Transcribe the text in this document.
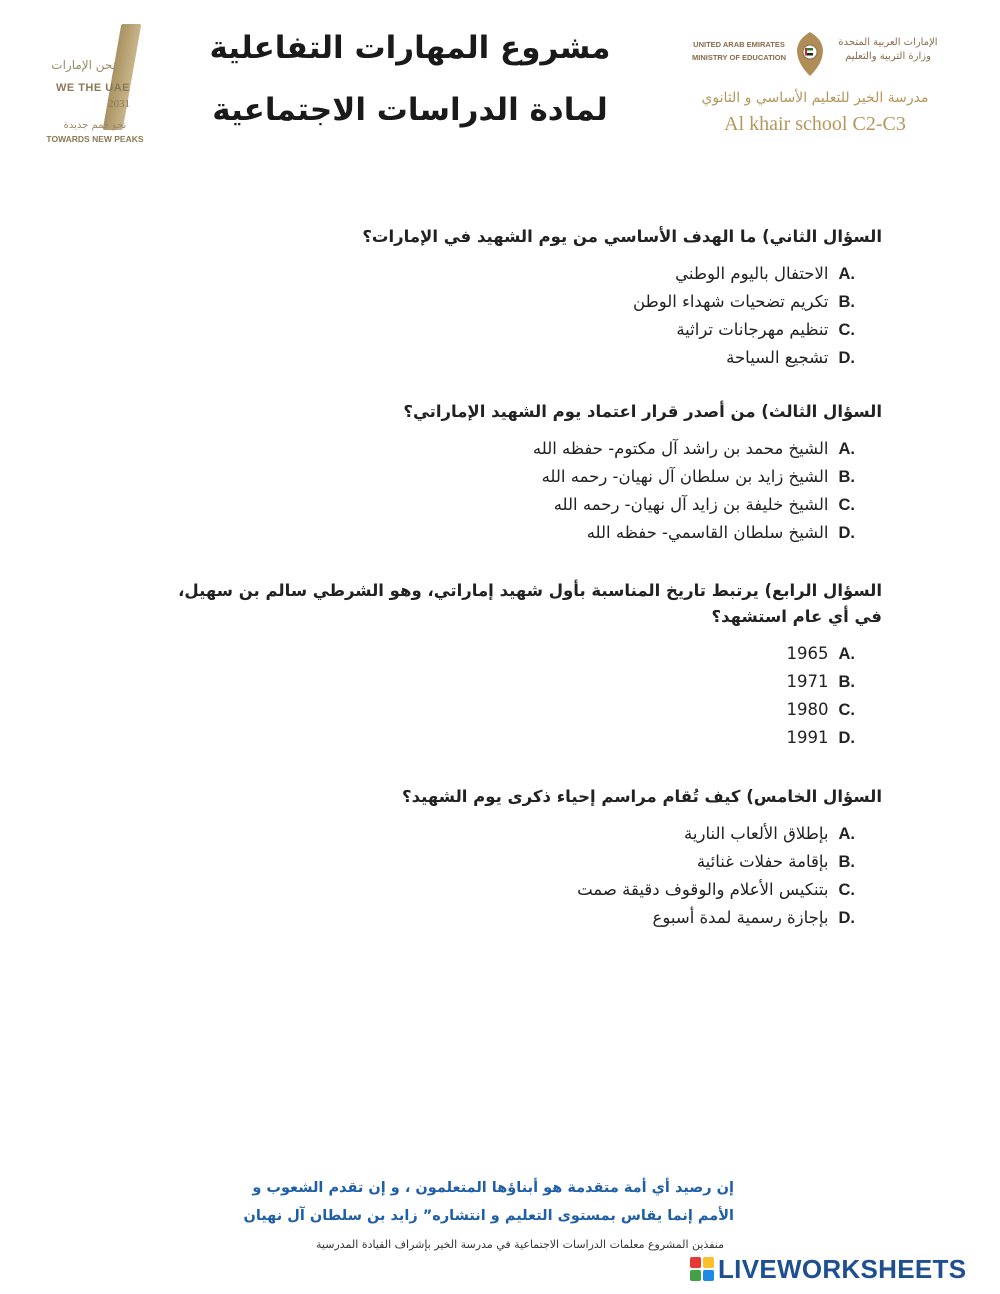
نحن الإمارات
WE THE UAE
2031
نحو قمم جديدة
TOWARDS NEW PEAKS
مشروع المهارات التفاعلية
لمادة الدراسات الاجتماعية
UNITED ARAB EMIRATES
MINISTRY OF EDUCATION
الإمارات العربية المتحدة
وزارة التربية والتعليم
مدرسة الخير للتعليم الأساسي و الثانوي
Al khair school C2-C3
السؤال الثاني) ما الهدف الأساسي من يوم الشهيد في الإمارات؟
A.الاحتفال باليوم الوطني
B.تكريم تضحيات شهداء الوطن
C.تنظيم مهرجانات تراثية
D.تشجيع السياحة
السؤال الثالث) من أصدر قرار اعتماد يوم الشهيد الإماراتي؟
A.الشيخ محمد بن راشد آل مكتوم- حفظه الله
B.الشيخ زايد بن سلطان آل نهيان- رحمه الله
C.الشيخ خليفة بن زايد آل نهيان- رحمه الله
D.الشيخ سلطان القاسمي- حفظه الله
السؤال الرابع) يرتبط تاريخ المناسبة بأول شهيد إماراتي، وهو الشرطي سالم بن سهيل، في أي عام استشهد؟
A.1965
B.1971
C.1980
D.1991
السؤال الخامس) كيف تُقام مراسم إحياء ذكرى يوم الشهيد؟
A.بإطلاق الألعاب النارية
B.بإقامة حفلات غنائية
C.بتنكيس الأعلام والوقوف دقيقة صمت
D.بإجازة رسمية لمدة أسبوع
إن رصيد أي أمة متقدمة هو أبناؤها المتعلمون ، و إن تقدم الشعوب و
الأمم إنما يقاس بمستوى التعليم و انتشاره” زايد بن سلطان آل نهيان
منفذين المشروع معلمات الدراسات الاجتماعية في مدرسة الخير بإشراف القيادة المدرسية
LIVEWORKSHEETS
